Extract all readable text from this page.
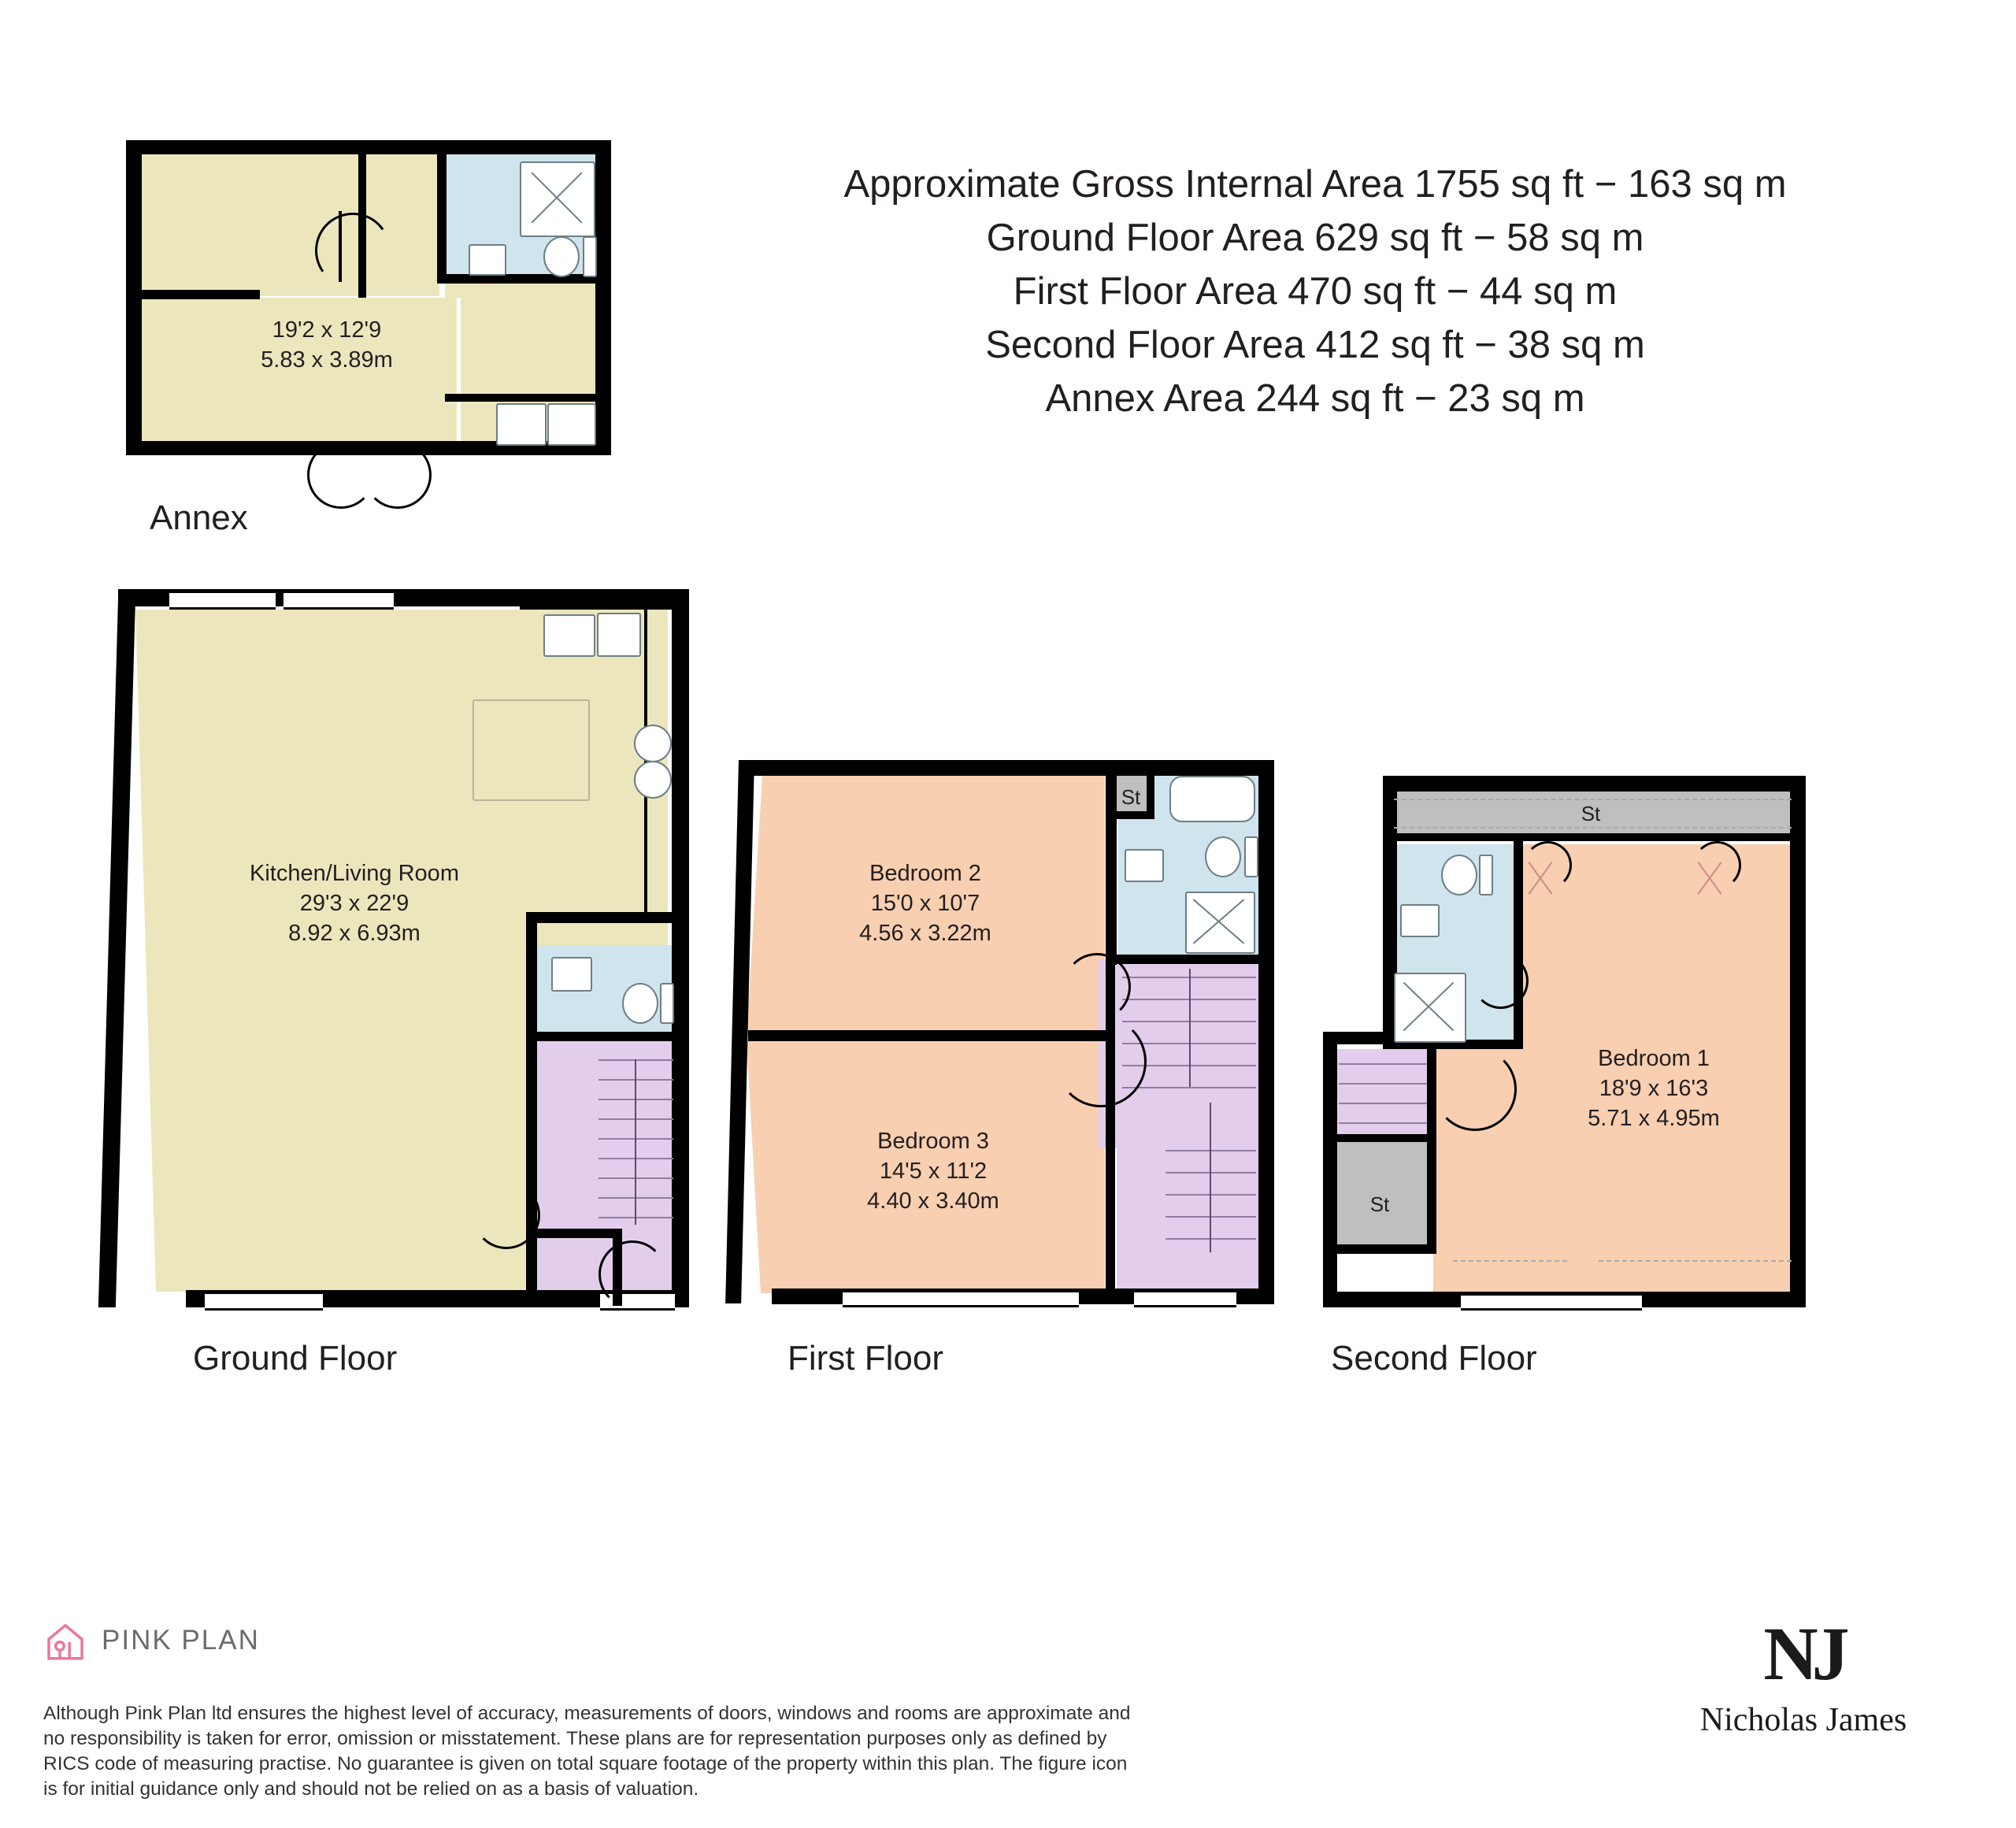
Approximate Gross Internal Area 1755 sq ft − 163 sq m
Ground Floor Area 629 sq ft − 58 sq m
First Floor Area 470 sq ft − 44 sq m
Second Floor Area 412 sq ft − 38 sq m
Annex Area 244 sq ft − 23 sq m
19'2 x 12'9
5.83 x 3.89m
Annex
Kitchen/Living Room
29'3 x 22'9
8.92 x 6.93m
Ground Floor
Bedroom 2
15'0 x 10'7
4.56 x 3.22m
Bedroom 3
14'5 x 11'2
4.40 x 3.40m
St
First Floor
St
St
Bedroom 1
18'9 x 16'3
5.71 x 4.95m
Second Floor
PINK PLAN
Although Pink Plan ltd ensures the highest level of accuracy, measurements of doors, windows and rooms are approximate and no responsibility is taken for error, omission or misstatement. These plans are for representation purposes only as defined by RICS code of measuring practise. No guarantee is given on total square footage of the property within this plan. The figure icon is for initial guidance only and should not be relied on as a basis of valuation.
NJ
Nicholas James
